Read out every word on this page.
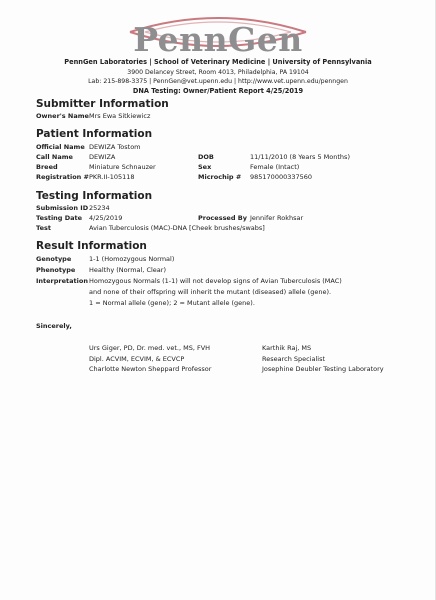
PennGen
PennGen Laboratories | School of Veterinary Medicine | University of Pennsylvania
3900 Delancey Street, Room 4013, Philadelphia, PA 19104
Lab: 215-898-3375 | PennGen@vet.upenn.edu | http://www.vet.upenn.edu/penngen
DNA Testing: Owner/Patient Report 4/25/2019
Submitter Information
Owner's Name Mrs Ewa Sitkiewicz
Patient Information
Official Name DEWIZA Tostom
Call Name DEWIZA	DOB	11/11/2010 (8 Years 5 Months)
Breed	Miniature Schnauzer	Sex	Female (Intact)
Registration # PKR.II-105118	Microchip # 985170000337560
Testing Information
Submission ID 25234
Testing Date 4/25/2019	Processed By Jennifer Rokhsar
Test	Avian Tuberculosis (MAC)-DNA [Cheek brushes/swabs]
Result Information
Genotype	1-1 (Homozygous Normal)
Phenotype Healthy (Normal, Clear)
Interpretation Homozygous Normals (1-1) will not develop signs of Avian Tuberculosis (MAC)
and none of their offspring will inherit the mutant (diseased) allele (gene).
1 = Normal allele (gene); 2 = Mutant allele (gene).
Sincerely,
Urs Giger, PD, Dr. med. vet., MS, FVH
Dipl. ACVIM, ECVIM, & ECVCP
Charlotte Newton Sheppard Professor
Karthik Raj, MS
Research Specialist
Josephine Deubler Testing Laboratory
